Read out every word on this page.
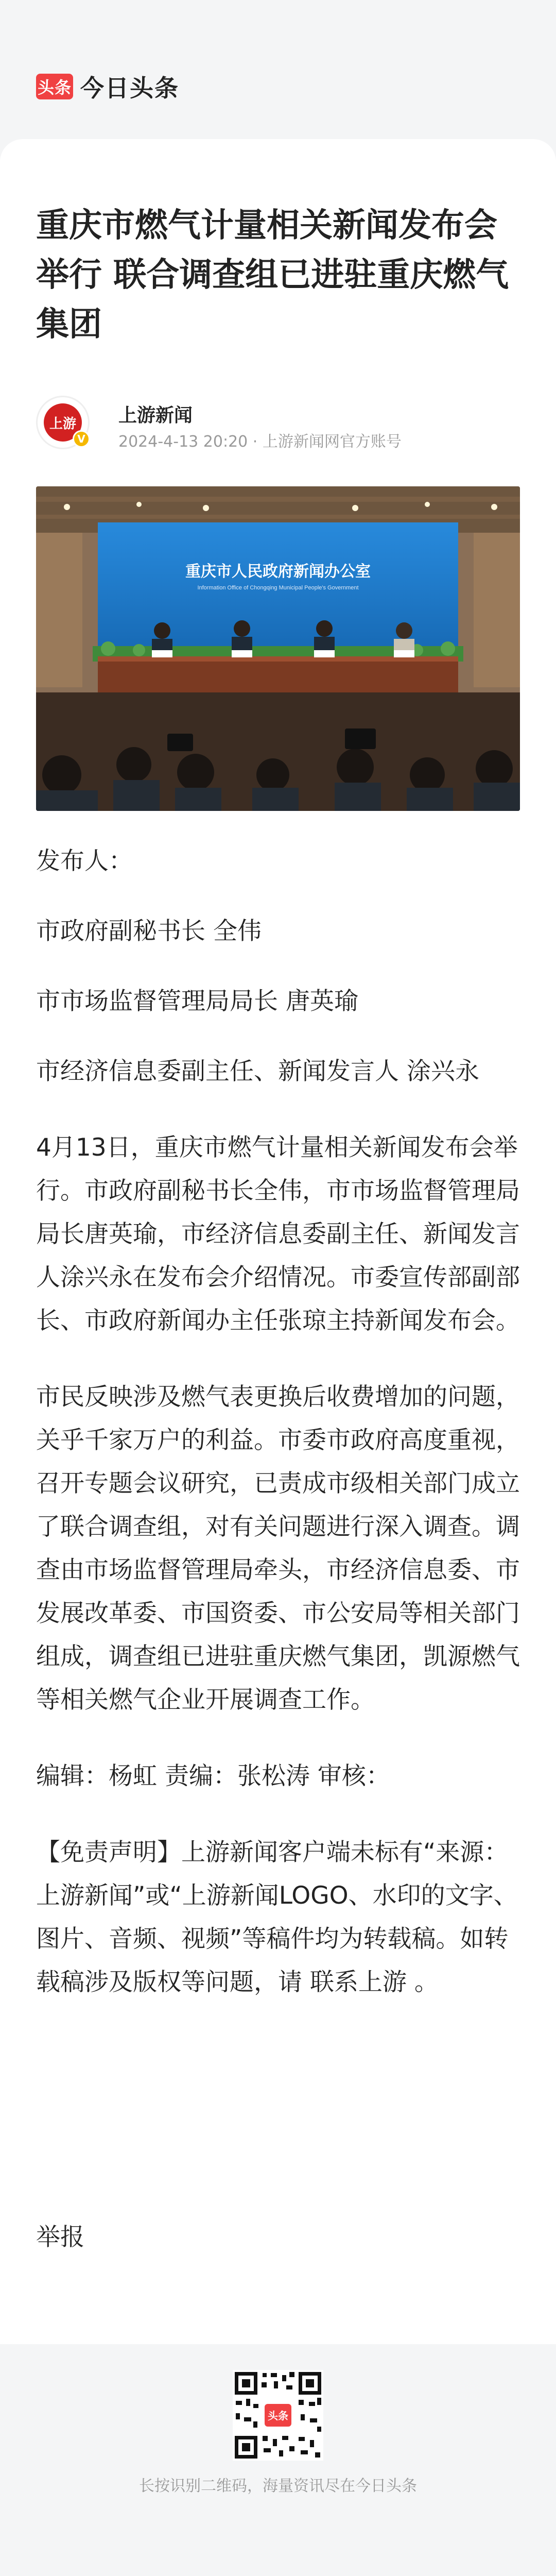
头条 今日头条
重庆市燃气计量相关新闻发布会举行 联合调查组已进驻重庆燃气集团
上游
V
上游新闻
2024-4-13 20:20 · 上游新闻网官方账号
重庆市人民政府新闻办公室
Information Office of Chongqing Municipal People's Government

发布人：

市政府副秘书长 全伟

市市场监督管理局局长 唐英瑜

市经济信息委副主任、新闻发言人 涂兴永

4月13日，重庆市燃气计量相关新闻发布会举行。市政府副秘书长全伟，市市场监督管理局局长唐英瑜，市经济信息委副主任、新闻发言人涂兴永在发布会介绍情况。市委宣传部副部长、市政府新闻办主任张琼主持新闻发布会。

市民反映涉及燃气表更换后收费增加的问题，关乎千家万户的利益。市委市政府高度重视，召开专题会议研究，已责成市级相关部门成立了联合调查组，对有关问题进行深入调查。调查由市场监督管理局牵头，市经济信息委、市发展改革委、市国资委、市公安局等相关部门组成，调查组已进驻重庆燃气集团，凯源燃气等相关燃气企业开展调查工作。

编辑：杨虹 责编：张松涛 审核：

【免责声明】上游新闻客户端未标有“来源：上游新闻”或“上游新闻LOGO、水印的文字、图片、音频、视频”等稿件均为转载稿。如转载稿涉及版权等问题，请 联系上游 。

举报
头条
长按识别二维码，海量资讯尽在今日头条
